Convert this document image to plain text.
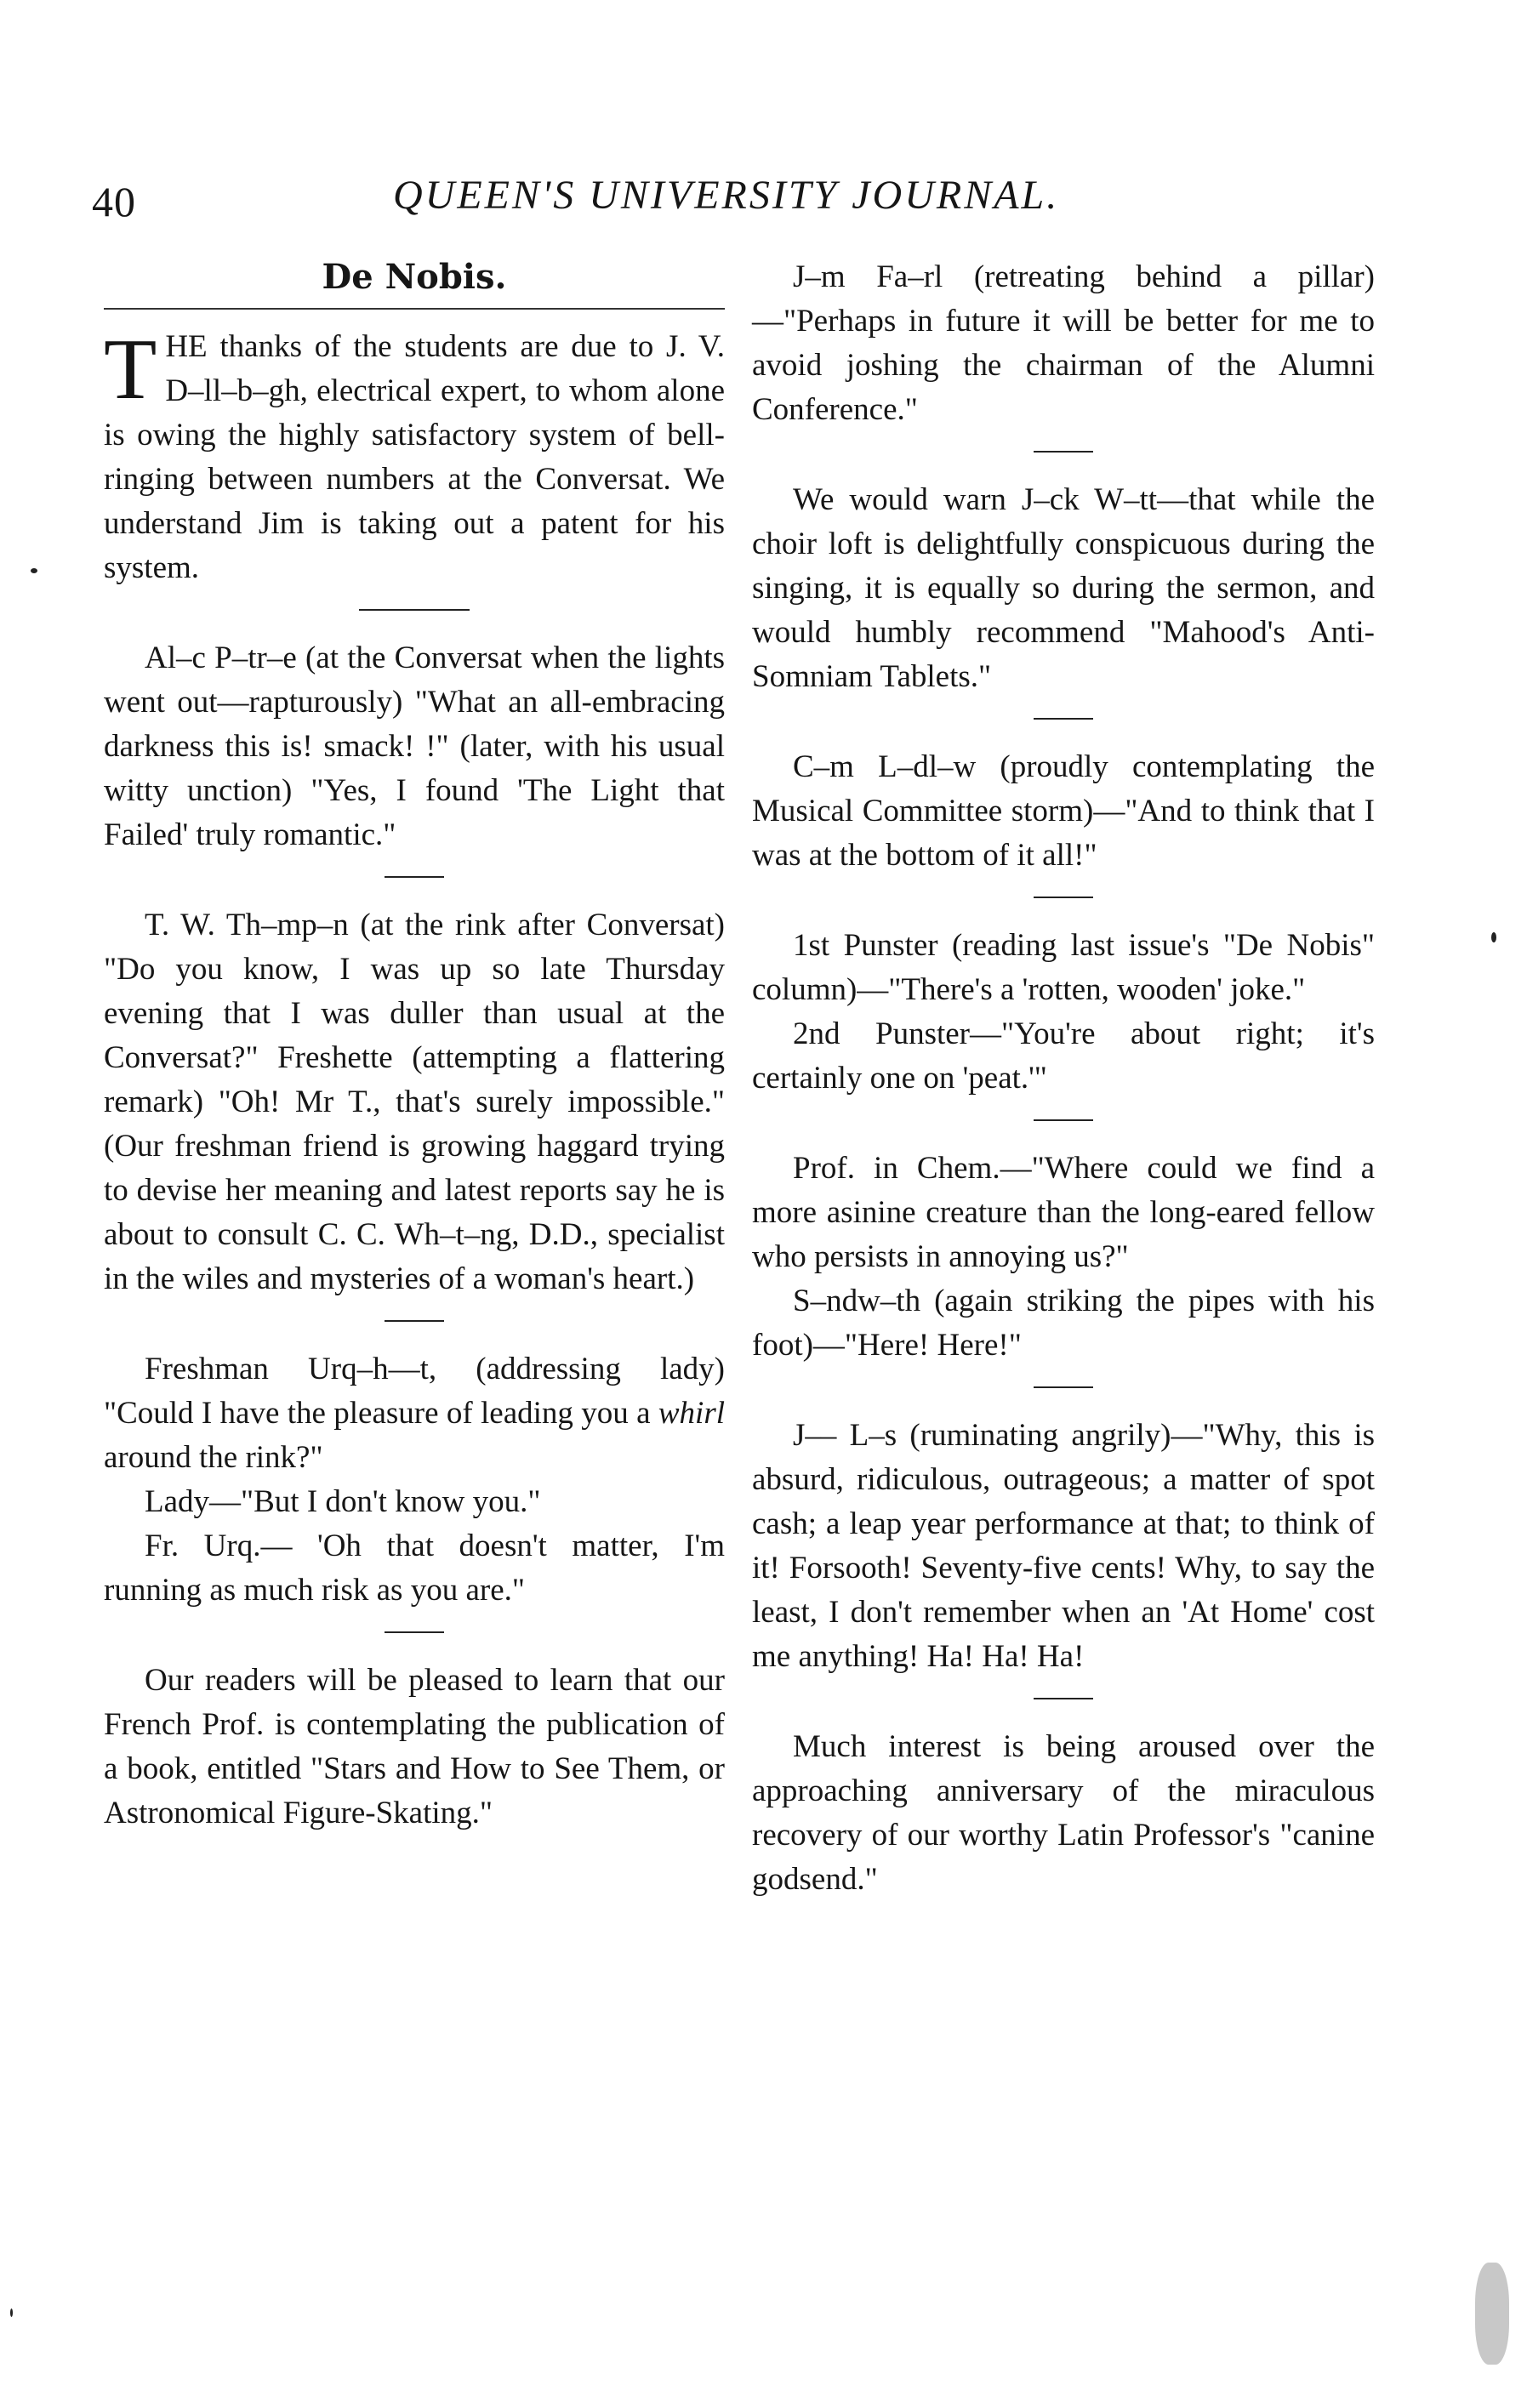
40	QUEEN'S UNIVERSITY JOURNAL.
De Nobis.

THE thanks of the students are due to J. V. D–ll–b–gh, electrical expert, to whom alone is owing the highly satisfactory system of bell-ringing between numbers at the Conversat. We understand Jim is taking out a patent for his system.

Al–c P–tr–e (at the Conversat when the lights went out—rapturously) "What an all-embracing darkness this is! smack! !" (later, with his usual witty unction) "Yes, I found 'The Light that Failed' truly romantic."

T. W. Th–mp–n (at the rink after Conversat) "Do you know, I was up so late Thursday evening that I was duller than usual at the Conversat?" Freshette (attempting a flattering remark) "Oh! Mr T., that's surely impossible." (Our freshman friend is growing haggard trying to devise her meaning and latest reports say he is about to consult C. C. Wh–t–ng, D.D., specialist in the wiles and mysteries of a woman's heart.)

Freshman Urq–h—t, (addressing lady) "Could I have the pleasure of leading you a whirl around the rink?"

Lady—"But I don't know you."

Fr. Urq.— 'Oh that doesn't matter, I'm running as much risk as you are."

Our readers will be pleased to learn that our French Prof. is contemplating the publication of a book, entitled "Stars and How to See Them, or Astronomical Figure-Skating."

J–m Fa–rl (retreating behind a pillar)—"Perhaps in future it will be better for me to avoid joshing the chairman of the Alumni Conference."

We would warn J–ck W–tt—that while the choir loft is delightfully conspicuous during the singing, it is equally so during the sermon, and would humbly recommend "Mahood's Anti-Somniam Tablets."

C–m L–dl–w (proudly contemplating the Musical Committee storm)—"And to think that I was at the bottom of it all!"

1st Punster (reading last issue's "De Nobis" column)—"There's a 'rotten, wooden' joke."

2nd Punster—"You're about right; it's certainly one on 'peat.'"

Prof. in Chem.—"Where could we find a more asinine creature than the long-eared fellow who persists in annoying us?"

S–ndw–th (again striking the pipes with his foot)—"Here! Here!"

J–– L–s (ruminating angrily)—"Why, this is absurd, ridiculous, outrageous; a matter of spot cash; a leap year performance at that; to think of it! Forsooth! Seventy-five cents! Why, to say the least, I don't remember when an 'At Home' cost me anything! Ha! Ha! Ha!

Much interest is being aroused over the approaching anniversary of the miraculous recovery of our worthy Latin Professor's "canine godsend."
